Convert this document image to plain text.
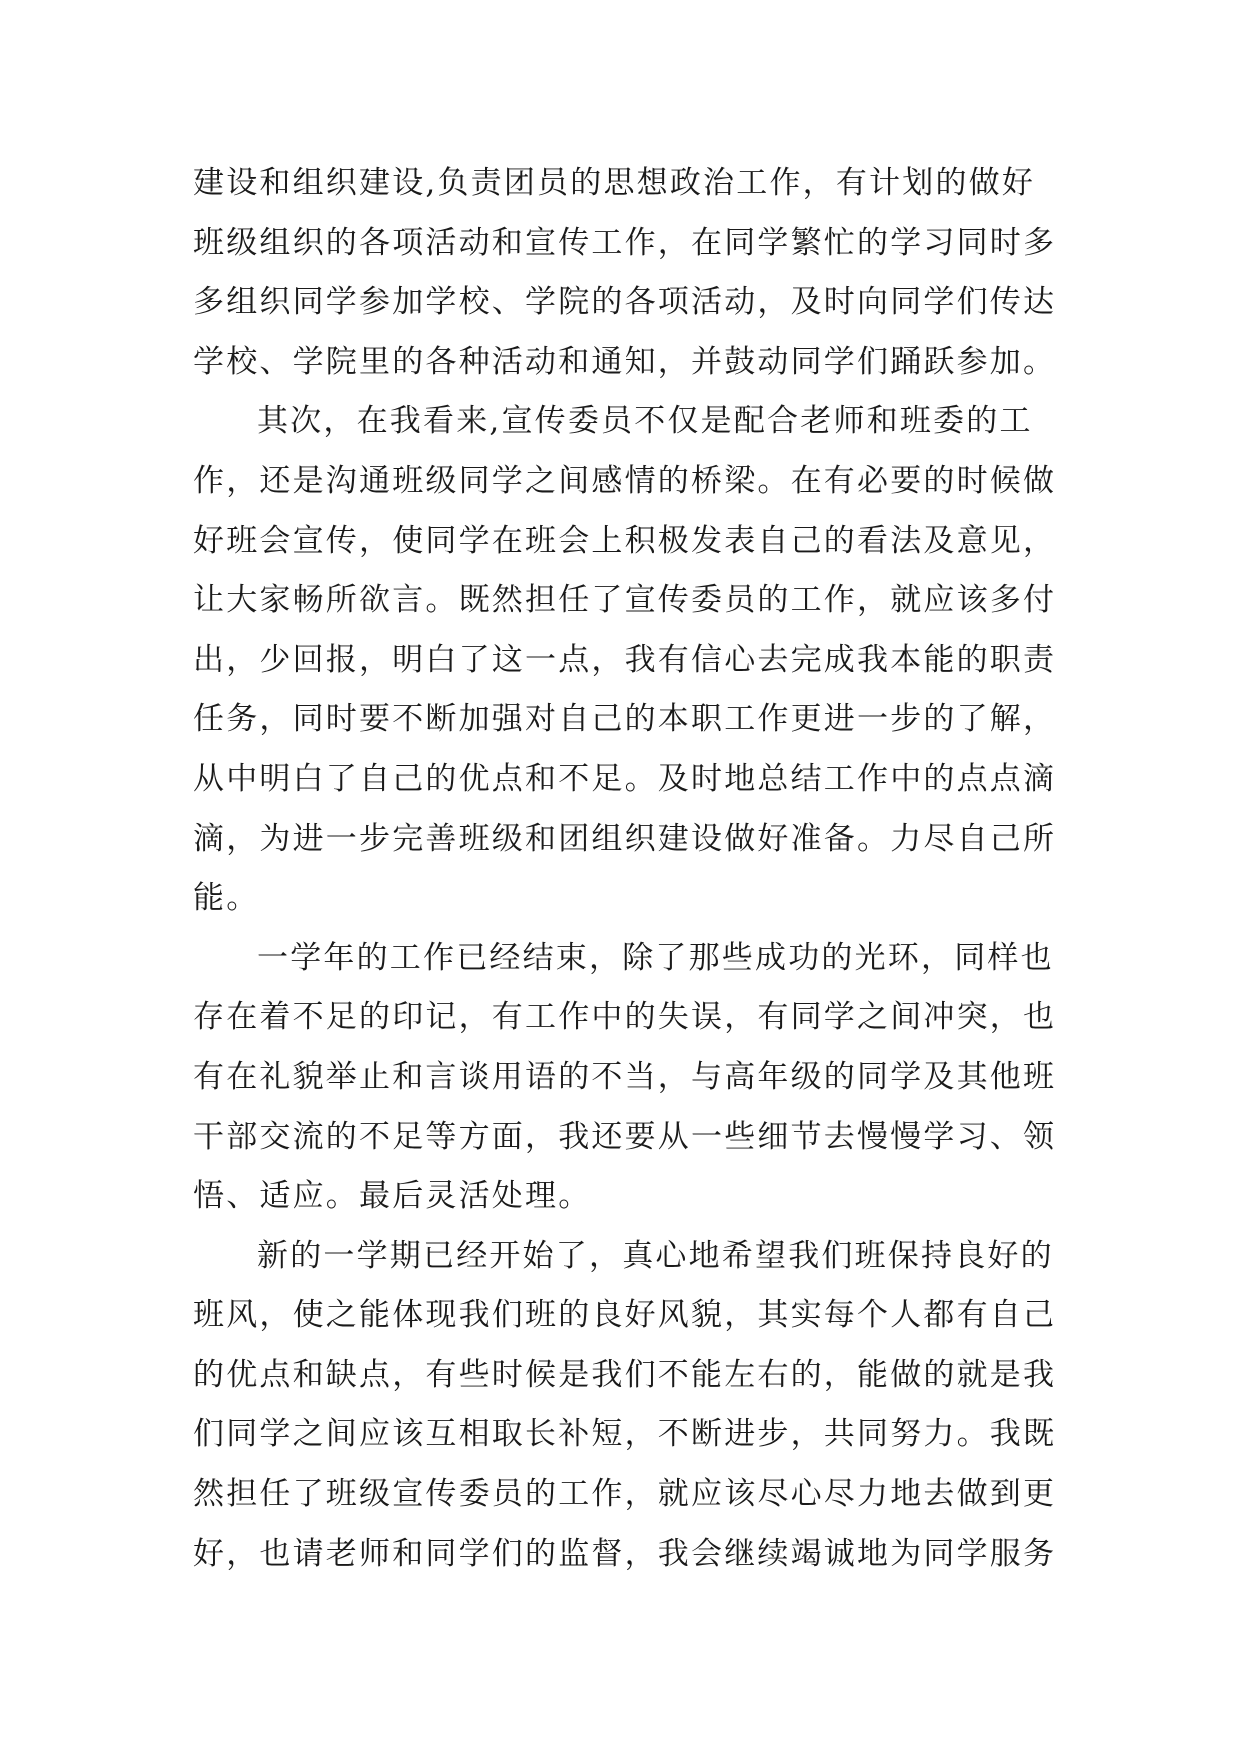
建设和组织建设,负责团员的思想政治工作，有计划的做好
班级组织的各项活动和宣传工作，在同学繁忙的学习同时多
多组织同学参加学校、学院的各项活动，及时向同学们传达
学校、学院里的各种活动和通知，并鼓动同学们踊跃参加。
其次，在我看来,宣传委员不仅是配合老师和班委的工
作，还是沟通班级同学之间感情的桥梁。在有必要的时候做
好班会宣传，使同学在班会上积极发表自己的看法及意见，
让大家畅所欲言。既然担任了宣传委员的工作，就应该多付
出，少回报，明白了这一点，我有信心去完成我本能的职责
任务，同时要不断加强对自己的本职工作更进一步的了解，
从中明白了自己的优点和不足。及时地总结工作中的点点滴
滴，为进一步完善班级和团组织建设做好准备。力尽自己所
能。
一学年的工作已经结束，除了那些成功的光环，同样也
存在着不足的印记，有工作中的失误，有同学之间冲突，也
有在礼貌举止和言谈用语的不当，与高年级的同学及其他班
干部交流的不足等方面，我还要从一些细节去慢慢学习、领
悟、适应。最后灵活处理。
新的一学期已经开始了，真心地希望我们班保持良好的
班风，使之能体现我们班的良好风貌，其实每个人都有自己
的优点和缺点，有些时候是我们不能左右的，能做的就是我
们同学之间应该互相取长补短，不断进步，共同努力。我既
然担任了班级宣传委员的工作，就应该尽心尽力地去做到更
好，也请老师和同学们的监督，我会继续竭诚地为同学服务
